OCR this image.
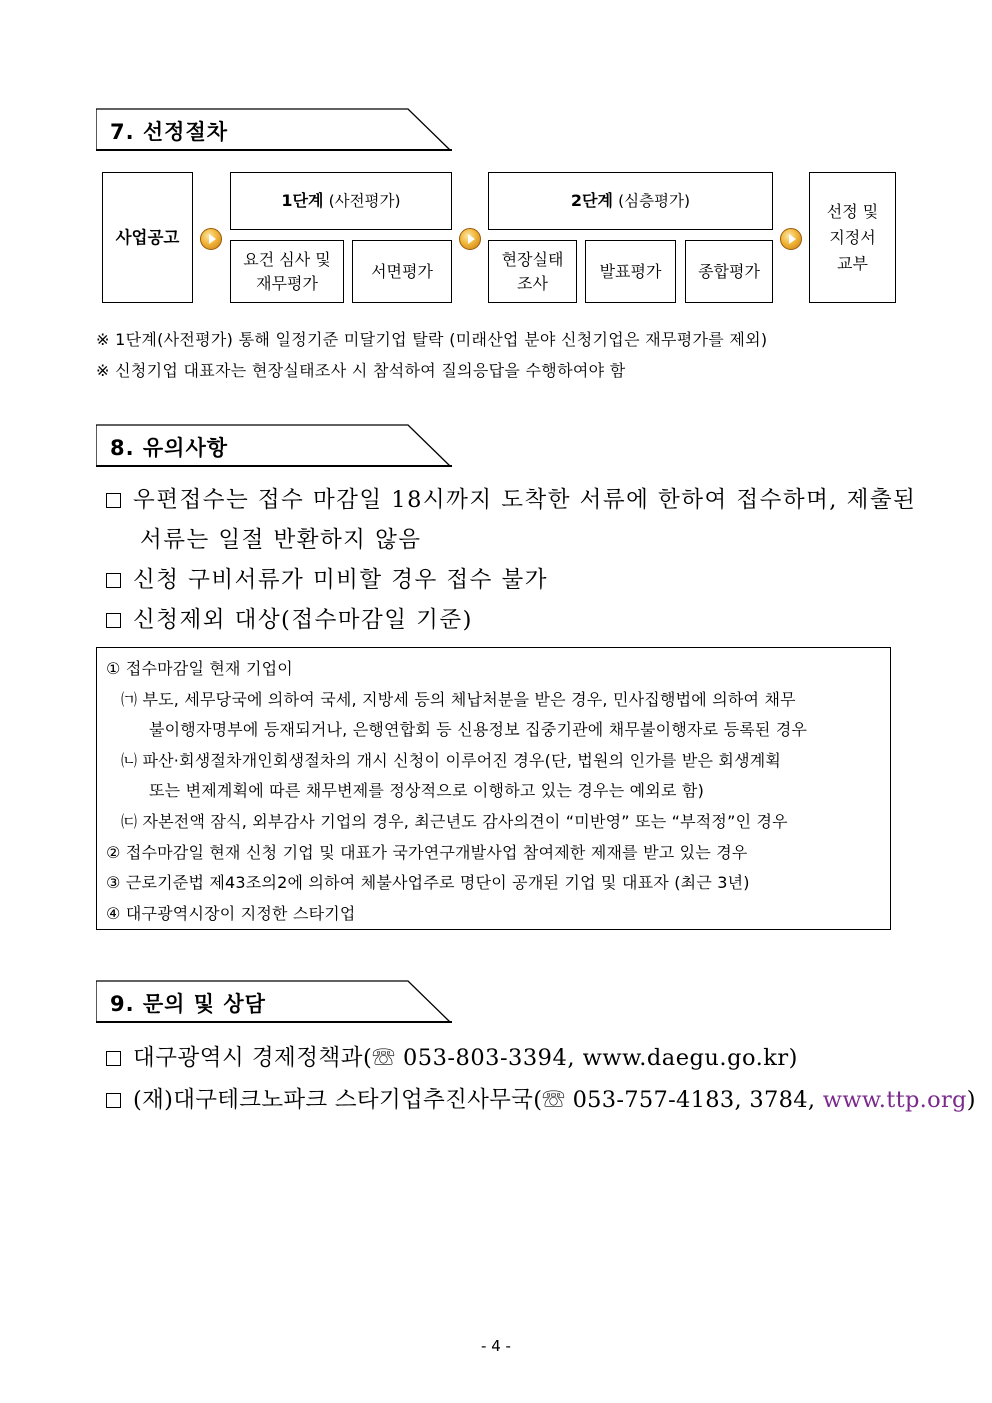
7. 선정절차
사업공고
1단계
(사전평가)
요건 심사 및
재무평가
서면평가
2단계
(심층평가)
현장실태
조사
발표평가 종합평가
선정 및
지정서
교부
※ 1단계(사전평가) 통해 일정기준 미달기업 탈락 (미래산업 분야 신청기업은 재무평가를 제외)
※ 신청기업 대표자는 현장실태조사 시 참석하여 질의응답을 수행하여야 함
8. 유의사항
우편접수는 접수 마감일 18시까지 도착한 서류에 한하여 접수하며, 제출된
서류는 일절 반환하지 않음
신청 구비서류가 미비할 경우 접수 불가
신청제외 대상(접수마감일 기준)
① 접수마감일 현재 기업이
㈀ 부도, 세무당국에 의하여 국세, 지방세 등의 체납처분을 받은 경우, 민사집행법에 의하여 채무
불이행자명부에 등재되거나, 은행연합회 등 신용정보 집중기관에 채무불이행자로 등록된 경우
㈁ 파산·회생절차개인회생절차의 개시 신청이 이루어진 경우(단, 법원의 인가를 받은 회생계획
또는 변제계획에 따른 채무변제를 정상적으로 이행하고 있는 경우는 예외로 함)
㈂ 자본전액 잠식, 외부감사 기업의 경우, 최근년도 감사의견이 “미반영” 또는 “부적정”인 경우
② 접수마감일 현재 신청 기업 및 대표가 국가연구개발사업 참여제한 제재를 받고 있는 경우
③ 근로기준법 제43조의2에 의하여 체불사업주로 명단이 공개된 기업 및 대표자 (최근 3년)
④ 대구광역시장이 지정한 스타기업
9. 문의 및 상담
대구광역시 경제정책과(☏ 053-803-3394, www.daegu.go.kr)
(재)대구테크노파크 스타기업추진사무국(☏ 053-757-4183, 3784, www.ttp.org)
- 4 -
